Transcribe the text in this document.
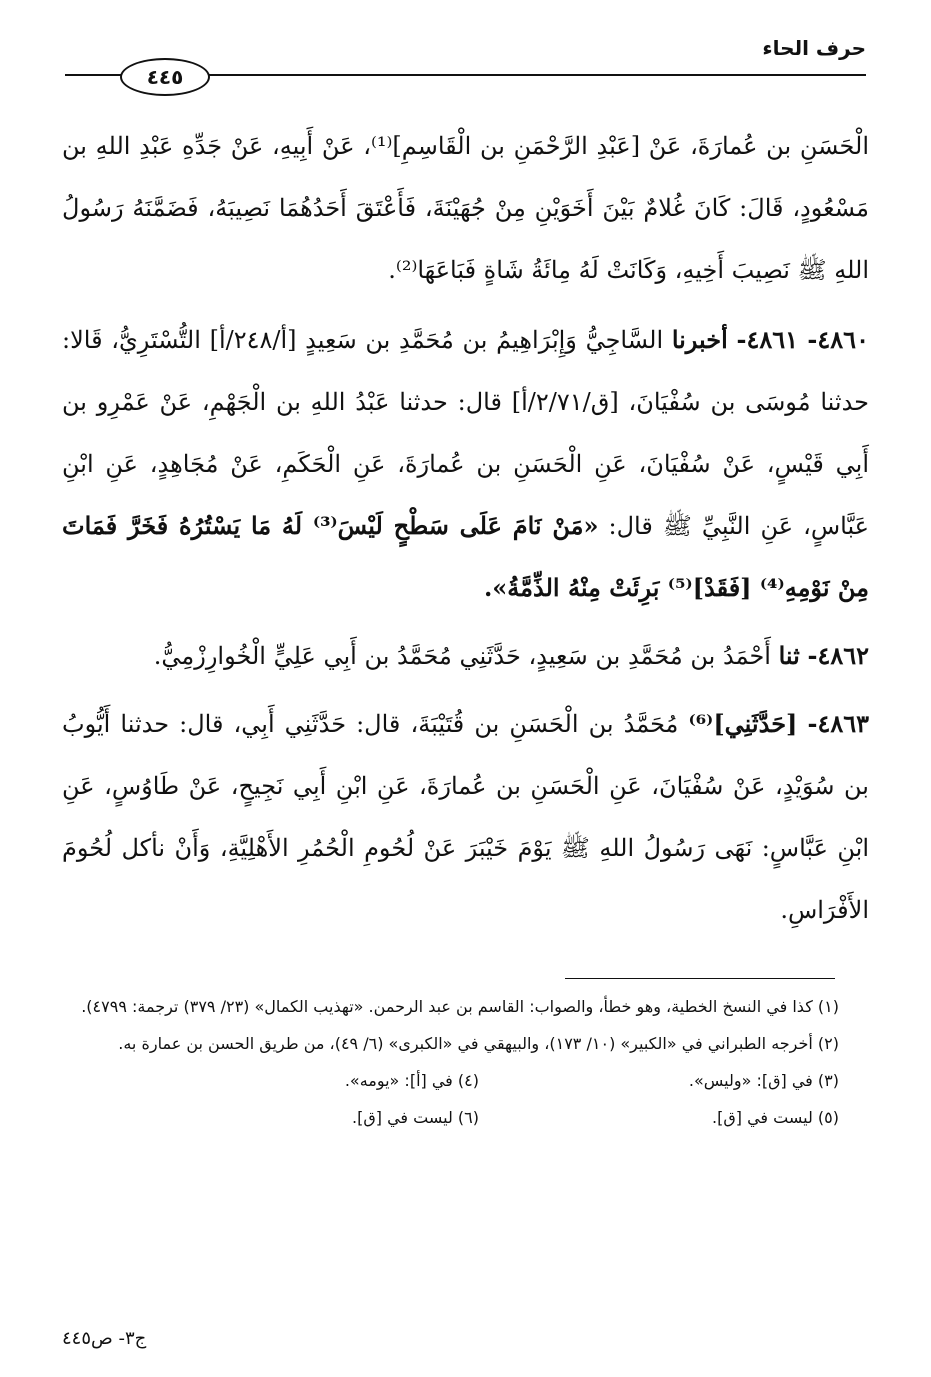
حرف الحاء
٤٤٥

الْحَسَنِ بن عُمارَةَ، عَنْ [عَبْدِ الرَّحْمَنِ بن الْقَاسِمِ]⁽¹⁾، عَنْ أَبِيهِ، عَنْ جَدِّهِ عَبْدِ اللهِ بن مَسْعُودٍ، قَالَ: كَانَ غُلامٌ بَيْنَ أَخَوَيْنِ مِنْ جُهَيْنَةَ، فَأَعْتَقَ أَحَدُهُمَا نَصِيبَهُ، فَضَمَّنَهُ رَسُولُ اللهِ ﷺ نَصِيبَ أَخِيهِ، وَكَانَتْ لَهُ مِائَةُ شَاةٍ فَبَاعَهَا⁽²⁾.

٤٨٦٠- ٤٨٦١- أخبرنا السَّاجِيُّ وَإِبْرَاهِيمُ بن مُحَمَّدِ بن سَعِيدٍ [أ/٢٤٨/أ] التُّسْتَرِيُّ، قَالا: حدثنا مُوسَى بن سُفْيَانَ، [ق/٢/٧١/أ] قال: حدثنا عَبْدُ اللهِ بن الْجَهْمِ، عَنْ عَمْرِو بن أَبِي قَيْسٍ، عَنْ سُفْيَانَ، عَنِ الْحَسَنِ بن عُمارَةَ، عَنِ الْحَكَمِ، عَنْ مُجَاهِدٍ، عَنِ ابْنِ عَبَّاسٍ، عَنِ النَّبِيِّ ﷺ قال: «مَنْ نَامَ عَلَى سَطْحٍ لَيْسَ⁽³⁾ لَهُ مَا يَسْتُرُهُ فَخَرَّ فَمَاتَ مِنْ نَوْمِهِ⁽⁴⁾ [فَقَدْ]⁽⁵⁾ بَرِئَتْ مِنْهُ الذِّمَّةُ».

٤٨٦٢- ثنا أَحْمَدُ بن مُحَمَّدِ بن سَعِيدٍ، حَدَّثَنِي مُحَمَّدُ بن أَبِي عَلِيٍّ الْخُوارِزْمِيُّ.

٤٨٦٣- [حَدَّثَنِي]⁽⁶⁾ مُحَمَّدُ بن الْحَسَنِ بن قُتَيْبَةَ، قال: حَدَّثَنِي أَبِي، قال: حدثنا أَيُّوبُ بن سُوَيْدٍ، عَنْ سُفْيَانَ، عَنِ الْحَسَنِ بن عُمارَةَ، عَنِ ابْنِ أَبِي نَجِيحٍ، عَنْ طَاوُسٍ، عَنِ ابْنِ عَبَّاسٍ: نَهَى رَسُولُ اللهِ ﷺ يَوْمَ خَيْبَرَ عَنْ لُحُومِ الْحُمُرِ الأَهْلِيَّةِ، وَأَنْ نأكل لُحُومَ الأَفْرَاسِ.

(١) كذا في النسخ الخطية، وهو خطأ، والصواب: القاسم بن عبد الرحمن. «تهذيب الكمال» (٢٣/ ٣٧٩) ترجمة: ٤٧٩٩).

(٢) أخرجه الطبراني في «الكبير» (١٠/ ١٧٣)، والبيهقي في «الكبرى» (٦/ ٤٩)، من طريق الحسن بن عمارة به.

(٣) في [ق]: «وليس».

(٤) في [أ]: «يومه».

(٥) ليست في [ق].

(٦) ليست في [ق].

ج٣- ص٤٤٥
